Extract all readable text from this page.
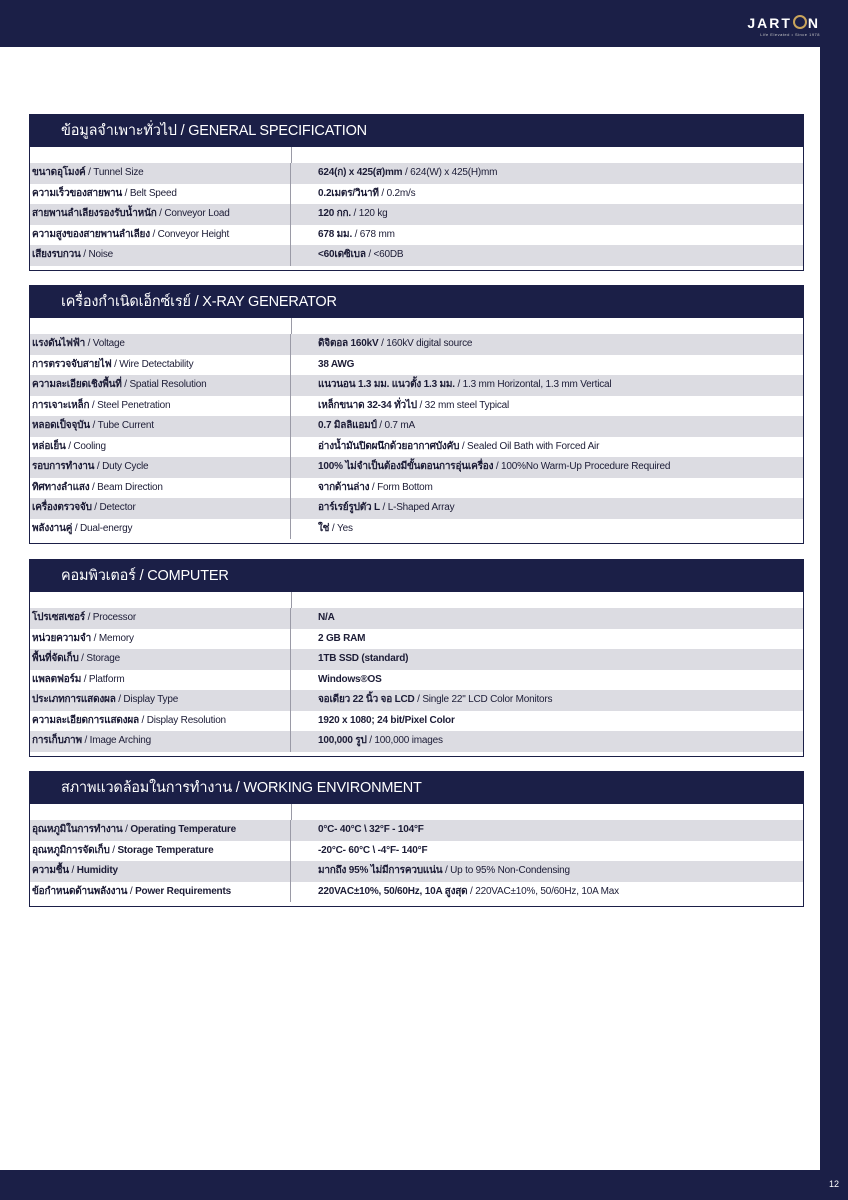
JART N
Life Elevated • Since 1978
12
ข้อมูลจำเพาะทั่วไป / GENERAL SPECIFICATION
ขนาดอุโมงค์ / Tunnel Size	624(ก) x 425(ส)mm / 624(W) x 425(H)mm
ความเร็วของสายพาน / Belt Speed	0.2เมตร/วินาที / 0.2m/s
สายพานลำเลียงรองรับน้ำหนัก / Conveyor Load	120 กก. / 120 kg
ความสูงของสายพานลำเลียง / Conveyor Height	678 มม. / 678 mm
เสียงรบกวน / Noise	<60เดซิเบล / <60DB
เครื่องกำเนิดเอ็กซ์เรย์ / X-RAY GENERATOR
แรงดันไฟฟ้า / Voltage	ดิจิตอล 160kV / 160kV digital source
การตรวจจับสายไฟ / Wire Detectability	38 AWG
ความละเอียดเชิงพื้นที่ / Spatial Resolution	แนวนอน 1.3 มม. แนวตั้ง 1.3 มม. / 1.3 mm Horizontal, 1.3 mm Vertical
การเจาะเหล็ก / Steel Penetration	เหล็กขนาด 32-34 ทั่วไป / 32 mm steel Typical
หลอดเป็จจุบัน / Tube Current	0.7 มิลลิแอมป์ / 0.7 mA
หล่อเย็น / Cooling	อ่างน้ำมันปิดผนึกด้วยอากาศบังคับ / Sealed Oil Bath with Forced Air
รอบการทำงาน / Duty Cycle	100% ไม่จำเป็นต้องมีขั้นตอนการอุ่นเครื่อง / 100%No Warm-Up Procedure Required
ทิศทางลำแสง / Beam Direction	จากด้านล่าง / Form Bottom
เครื่องตรวจจับ / Detector	อาร์เรย์รูปตัว L / L-Shaped Array
พลังงานคู่ / Dual-energy	ใช่ / Yes
คอมพิวเตอร์ / COMPUTER
โปรเซสเซอร์ / Processor	N/A
หน่วยความจำ / Memory	2 GB RAM
พื้นที่จัดเก็บ / Storage	1TB SSD (standard)
แพลตฟอร์ม / Platform	Windows®OS
ประเภทการแสดงผล / Display Type	จอเดียว 22 นิ้ว จอ LCD / Single 22" LCD Color Monitors
ความละเอียดการแสดงผล / Display Resolution	1920 x 1080; 24 bit/Pixel Color
การเก็บภาพ / Image Arching	100,000 รูป / 100,000 images
สภาพแวดล้อมในการทำงาน / WORKING ENVIRONMENT
อุณหภูมิในการทำงาน / Operating Temperature	0°C- 40°C \ 32°F - 104°F
อุณหภูมิการจัดเก็บ / Storage Temperature	-20°C- 60°C \ -4°F- 140°F
ความชื้น / Humidity	มากถึง 95% ไม่มีการควบแน่น / Up to 95% Non-Condensing
ข้อกำหนดด้านพลังงาน / Power Requirements	220VAC±10%, 50/60Hz, 10A สูงสุด / 220VAC±10%, 50/60Hz, 10A Max
